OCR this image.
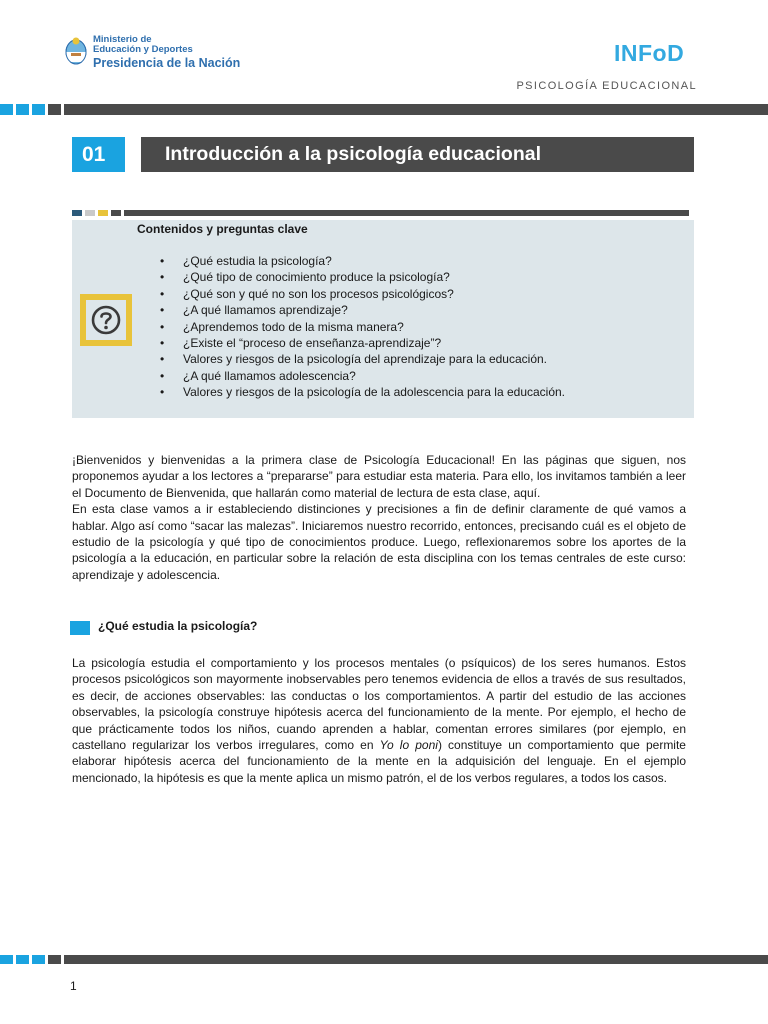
Ministerio de
Educación y Deportes
Presidencia de la Nación	INFoD
PSICOLOGÍA EDUCACIONAL
01	Introducción a la psicología educacional
Contenidos y preguntas clave
• ¿Qué estudia la psicología?
• ¿Qué tipo de conocimiento produce la psicología?
• ¿Qué son y qué no son los procesos psicológicos?
• ¿A qué llamamos aprendizaje?
• ¿Aprendemos todo de la misma manera?
• ¿Existe el “proceso de enseñanza-aprendizaje”?
• Valores y riesgos de la psicología del aprendizaje para la educación.
• ¿A qué llamamos adolescencia?
• Valores y riesgos de la psicología de la adolescencia para la educación.

¡Bienvenidos y bienvenidas a la primera clase de Psicología Educacional! En las páginas que siguen, nos proponemos ayudar a los lectores a “prepararse” para estudiar esta materia. Para ello, los invitamos también a leer el Documento de Bienvenida, que hallarán como material de lectura de esta clase, aquí.

En esta clase vamos a ir estableciendo distinciones y precisiones a fin de definir claramente de qué vamos a hablar. Algo así como “sacar las malezas”. Iniciaremos nuestro recorrido, entonces, precisando cuál es el objeto de estudio de la psicología y qué tipo de conocimientos produce. Luego, reflexionaremos sobre los aportes de la psicología a la educación, en particular sobre la relación de esta disciplina con los temas centrales de este curso: aprendizaje y adolescencia.

¿Qué estudia la psicología?

La psicología estudia el comportamiento y los procesos mentales (o psíquicos) de los seres humanos. Estos procesos psicológicos son mayormente inobservables pero tenemos evidencia de ellos a través de sus resultados, es decir, de acciones observables: las conductas o los comportamientos. A partir del estudio de las acciones observables, la psicología construye hipótesis acerca del funcionamiento de la mente. Por ejemplo, el hecho de que prácticamente todos los niños, cuando aprenden a hablar, comentan errores similares (por ejemplo, en castellano regularizar los verbos irregulares, como en Yo lo poni) constituye un comportamiento que permite elaborar hipótesis acerca del funcionamiento de la mente en la adquisición del lenguaje. En el ejemplo mencionado, la hipótesis es que la mente aplica un mismo patrón, el de los verbos regulares, a todos los casos.

1
